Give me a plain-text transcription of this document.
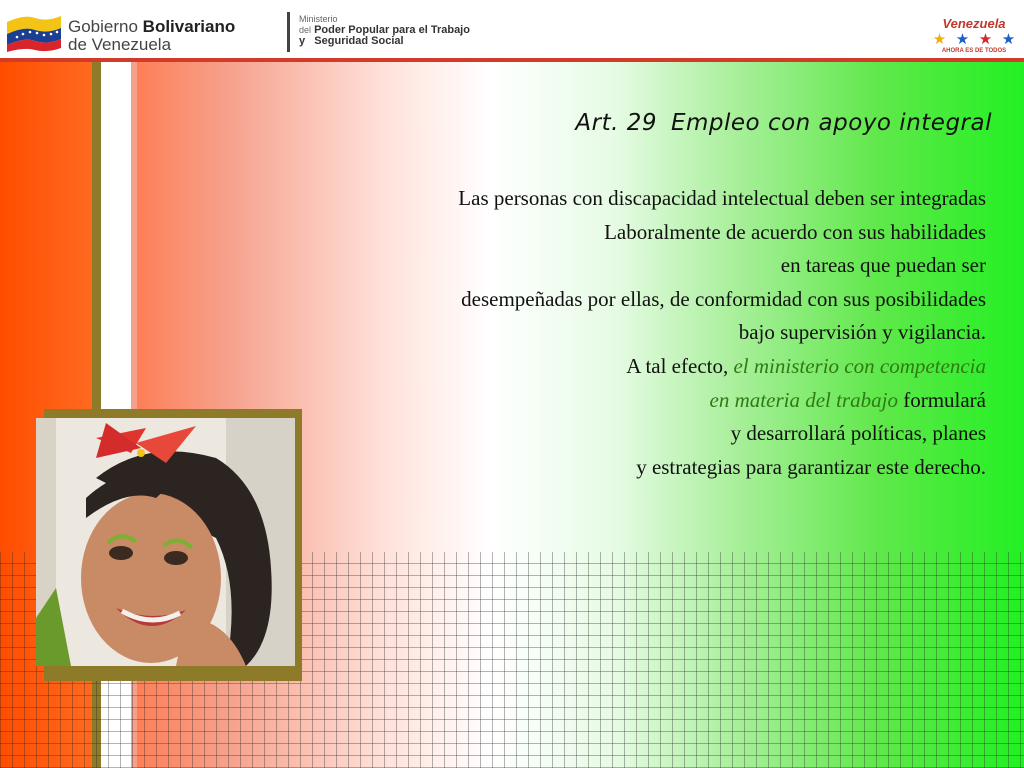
Gobierno Bolivariano
de Venezuela
Ministerio
del Poder Popular para el Trabajo
y Seguridad Social
Venezuela
★ ★ ★ ★
AHORA ES DE TODOS
Art. 29 Empleo con apoyo integral
Las personas con discapacidad intelectual deben ser integradas
Laboralmente de acuerdo con sus habilidades
en tareas que puedan ser
desempeñadas por ellas, de conformidad con sus posibilidades
bajo supervisión y vigilancia.
A tal efecto, el ministerio con competencia
en materia del trabajo formulará
y desarrollará políticas, planes
y estrategias para garantizar este derecho.
